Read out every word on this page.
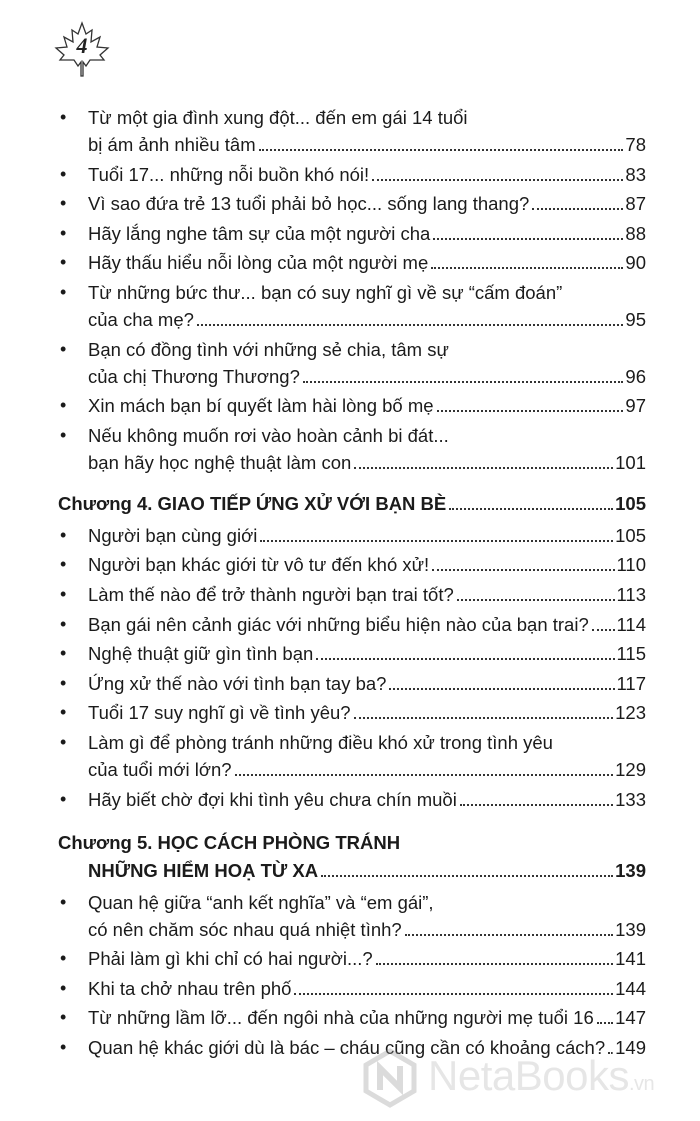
4
• Từ một gia đình xung đột... đến em gái 14 tuổi
bị ám ảnh nhiều tâm	78
• Tuổi 17... những nỗi buồn khó nói!	83
• Vì sao đứa trẻ 13 tuổi phải bỏ học... sống lang thang?	87
• Hãy lắng nghe tâm sự của một người cha	88
• Hãy thấu hiểu nỗi lòng của một người mẹ	90
• Từ những bức thư... bạn có suy nghĩ gì về sự “cấm đoán”
của cha mẹ?	95
• Bạn có đồng tình với những sẻ chia, tâm sự
của chị Thương Thương?	96
• Xin mách bạn bí quyết làm hài lòng bố mẹ	97
• Nếu không muốn rơi vào hoàn cảnh bi đát...
bạn hãy học nghệ thuật làm con	101
Chương 4. GIAO TIẾP ỨNG XỬ VỚI BẠN BÈ	105
• Người bạn cùng giới	105
• Người bạn khác giới từ vô tư đến khó xử!	110
• Làm thế nào để trở thành người bạn trai tốt?	113
• Bạn gái nên cảnh giác với những biểu hiện nào của bạn trai? 114
• Nghệ thuật giữ gìn tình bạn	115
• Ứng xử thế nào với tình bạn tay ba?	117
• Tuổi 17 suy nghĩ gì về tình yêu?	123
• Làm gì để phòng tránh những điều khó xử trong tình yêu
của tuổi mới lớn?	129
• Hãy biết chờ đợi khi tình yêu chưa chín muồi	133
Chương 5. HỌC CÁCH PHÒNG TRÁNH
NHỮNG HIỂM HOẠ TỪ XA	139
• Quan hệ giữa “anh kết nghĩa” và “em gái”,
có nên chăm sóc nhau quá nhiệt tình?	139
• Phải làm gì khi chỉ có hai người...?	141
• Khi ta chở nhau trên phố	144
• Từ những lầm lỡ... đến ngôi nhà của những người mẹ tuổi 16 147
• Quan hệ khác giới dù là bác – cháu cũng cần có khoảng cách? 149
NetaBooks.vn
